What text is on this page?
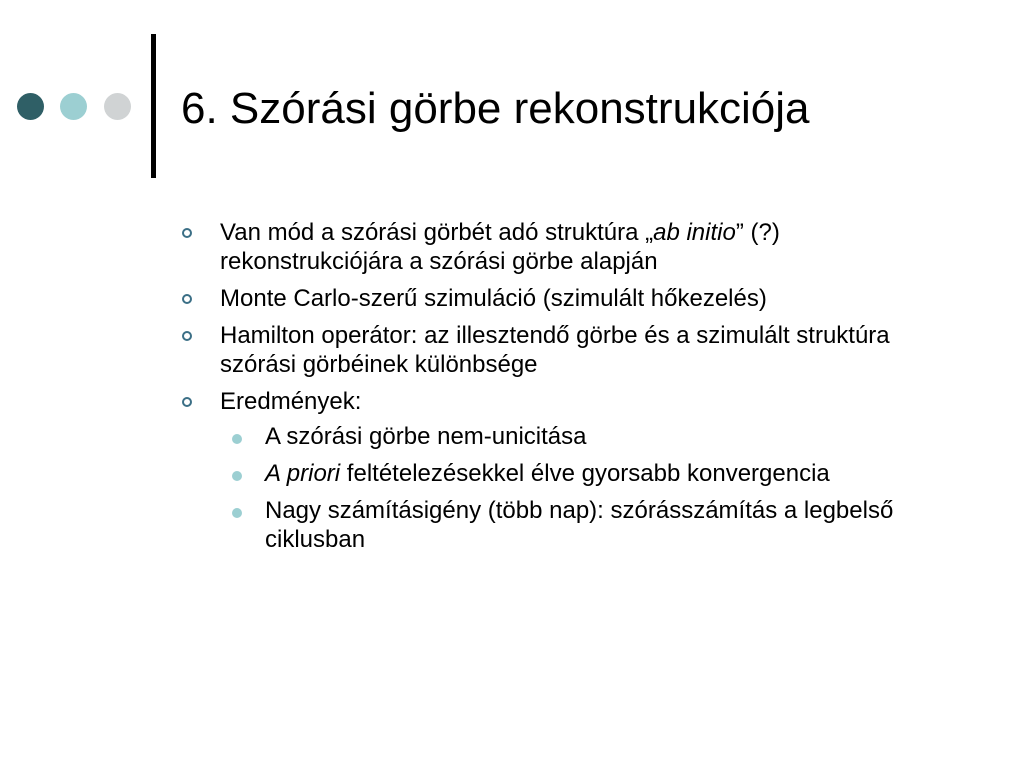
6. Szórási görbe rekonstrukciója
Van mód a szórási görbét adó struktúra „ab initio” (?) rekonstrukciójára a szórási görbe alapján
Monte Carlo-szerű szimuláció (szimulált hőkezelés)
Hamilton operátor: az illesztendő görbe és a szimulált struktúra szórási görbéinek különbsége
Eredmények:
A szórási görbe nem-unicitása
A priori feltételezésekkel élve gyorsabb konvergencia
Nagy számításigény (több nap): szórásszámítás a legbelső ciklusban
